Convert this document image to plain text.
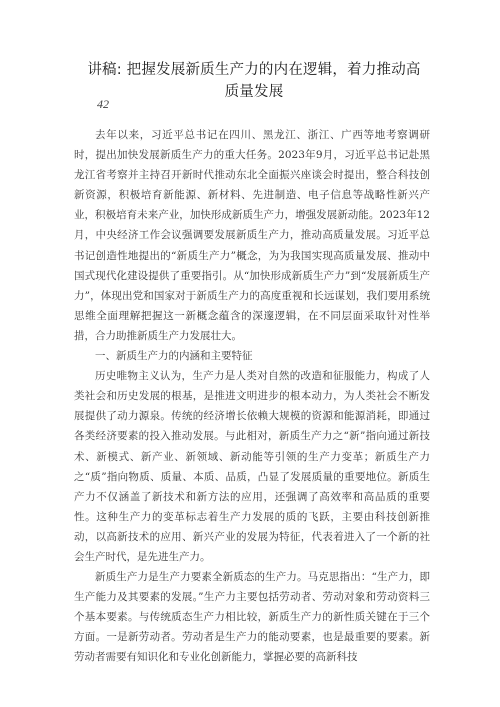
讲稿: 把握发展新质生产力的内在逻辑，着力推动高质量发展
42

去年以来，习近平总书记在四川、黑龙江、浙江、广西等地考察调研时，提出加快发展新质生产力的重大任务。2023年9月，习近平总书记赴黑龙江省考察并主持召开新时代推动东北全面振兴座谈会时提出，整合科技创新资源，积极培育新能源、新材料、先进制造、电子信息等战略性新兴产业，积极培育未来产业，加快形成新质生产力，增强发展新动能。2023年12月，中央经济工作会议强调要发展新质生产力，推动高质量发展。习近平总书记创造性地提出的“新质生产力”概念，为为我国实现高质量发展、推动中国式现代化建设提供了重要指引。从“加快形成新质生产力”到“发展新质生产力”，体现出党和国家对于新质生产力的高度重视和长远谋划，我们要用系统思维全面理解把握这一新概念蕴含的深邃逻辑，在不同层面采取针对性举措，合力助推新质生产力发展壮大。

一、新质生产力的内涵和主要特征

历史唯物主义认为，生产力是人类对自然的改造和征服能力，构成了人类社会和历史发展的根基，是推进文明进步的根本动力，为人类社会不断发展提供了动力源泉。传统的经济增长依赖大规模的资源和能源消耗，即通过各类经济要素的投入推动发展。与此相对，新质生产力之“新”指向通过新技术、新模式、新产业、新领域、新动能等引领的生产力变革；新质生产力之“质”指向物质、质量、本质、品质，凸显了发展质量的重要地位。新质生产力不仅涵盖了新技术和新方法的应用，还强调了高效率和高品质的重要性。这种生产力的变革标志着生产力发展的质的飞跃，主要由科技创新推动，以高新技术的应用、新兴产业的发展为特征，代表着进入了一个新的社会生产时代，是先进生产力。

新质生产力是生产力要素全新质态的生产力。马克思指出：“生产力，即生产能力及其要素的发展。”生产力主要包括劳动者、劳动对象和劳动资料三个基本要素。与传统质态生产力相比较，新质生产力的新性质关键在于三个方面。一是新劳动者。劳动者是生产力的能动要素，也是最重要的要素。新劳动者需要有知识化和专业化创新能力，掌握必要的高新科技
